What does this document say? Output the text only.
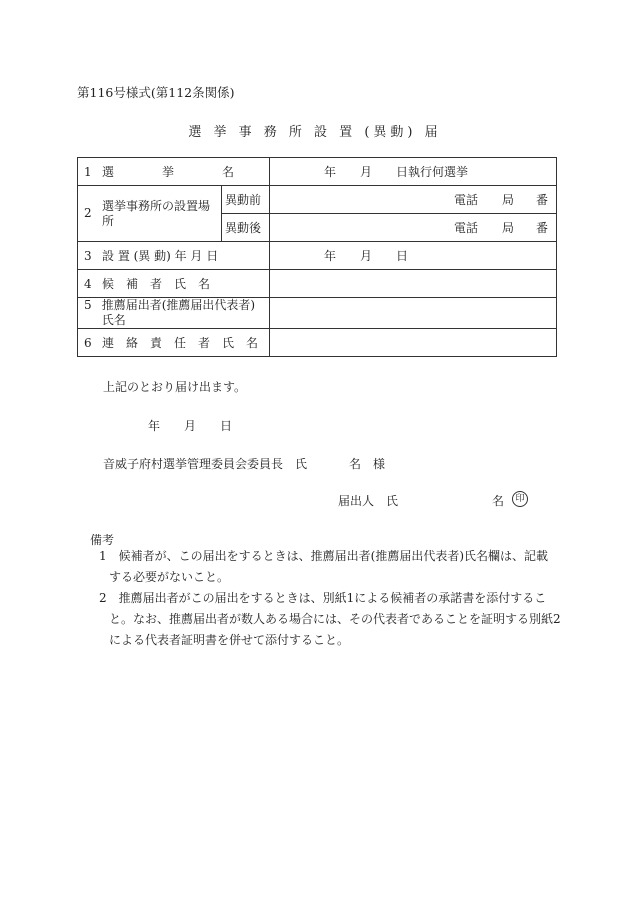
第116号様式(第112条関係)
選 挙 事 務 所 設 置 (異動) 届
1 選　　　　挙　　　　名		年　　月　　日執行何選挙

2
選挙事務所の設置場所	異動前	電話 局 番

	異動後	電話 局 番

3 設 置 (異 動) 年 月 日		年　　月　　日
4 候　補　者　氏　名		

5 推薦届出者(推薦届出代表者)氏名		

6 連　絡　責　任　者　氏　名		
上記のとおり届け出ます。
年　　月　　日
音威子府村選挙管理委員会委員長　氏	名　様
届出人　氏	名	印
備考
1　候補者が、この届出をするときは、推薦届出者(推薦届出代表者)氏名欄は、記載する必要がないこと。
2　推薦届出者がこの届出をするときは、別紙1による候補者の承諾書を添付すること。なお、推薦届出者が数人ある場合には、その代表者であることを証明する別紙2による代表者証明書を併せて添付すること。
